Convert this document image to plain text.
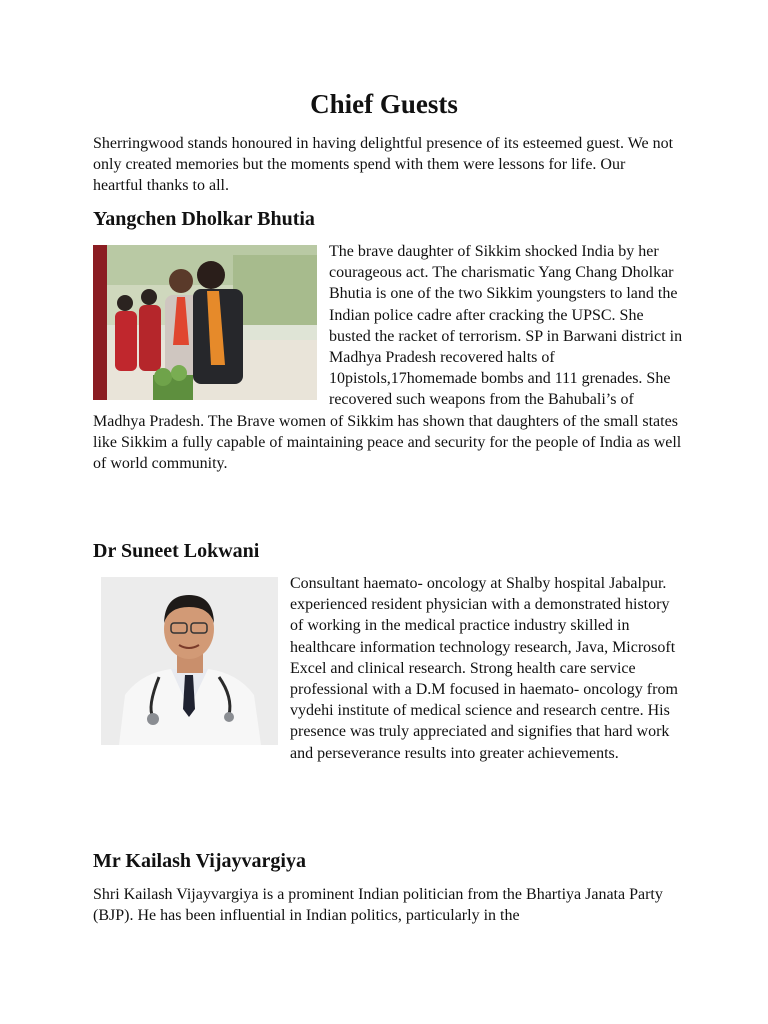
Chief Guests

Sherringwood stands honoured in having delightful presence of its esteemed guest. We not only created memories but the moments spend with them were lessons for life. Our heartful thanks to all.

Yangchen Dholkar Bhutia
The brave daughter of Sikkim shocked India by her courageous act. The charismatic Yang Chang Dholkar Bhutia is one of the two Sikkim youngsters to land the Indian police cadre after cracking the UPSC. She busted the racket of terrorism. SP in Barwani district in Madhya Pradesh recovered halts of 10pistols,17homemade bombs and 111 grenades. She recovered such weapons from the Bahubali’s of Madhya Pradesh. The Brave women of Sikkim has shown that daughters of the small states like Sikkim a fully capable of maintaining peace and security for the people of India as well of world community.
Dr Suneet Lokwani
Consultant haemato- oncology at Shalby hospital Jabalpur. experienced resident physician with a demonstrated history of working in the medical practice industry skilled in healthcare information technology research, Java, Microsoft Excel and clinical research. Strong health care service professional with a D.M focused in haemato- oncology from vydehi institute of medical science and research centre. His presence was truly appreciated and signifies that hard work and perseverance results into greater achievements.
Mr Kailash Vijayvargiya
Shri Kailash Vijayvargiya is a prominent Indian politician from the Bhartiya Janata Party (BJP). He has been influential in Indian politics, particularly in the
